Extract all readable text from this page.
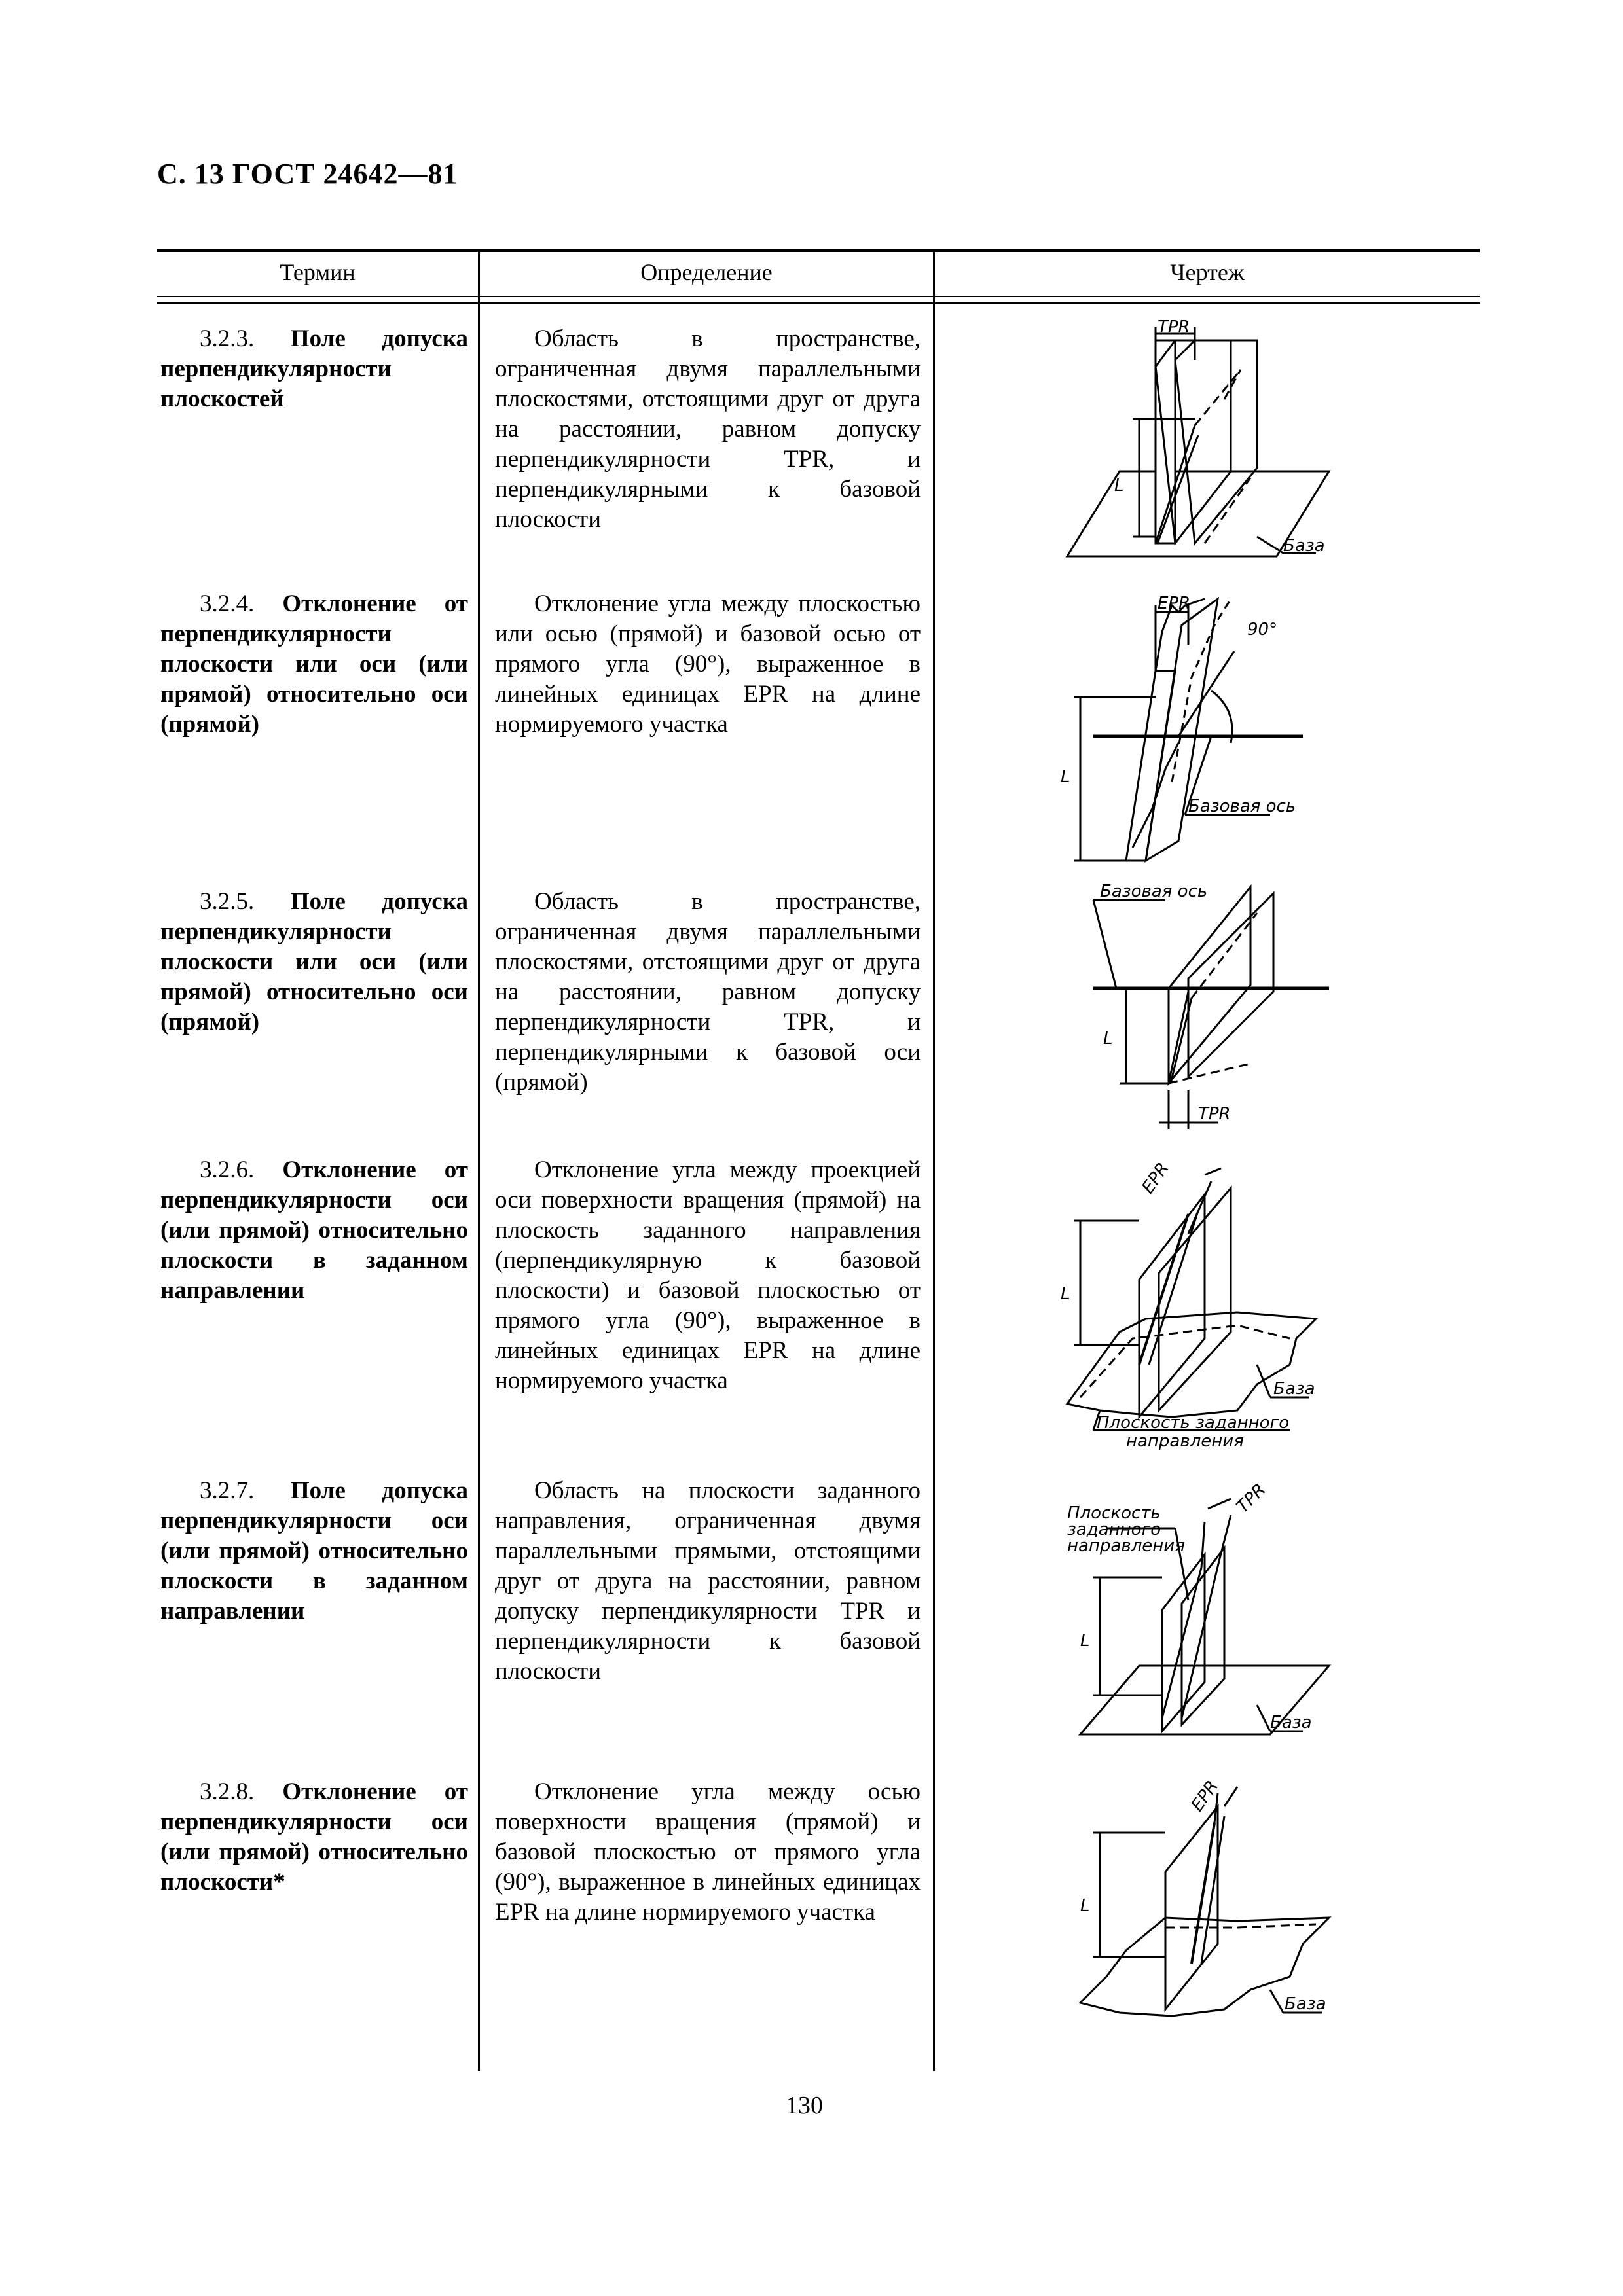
С. 13 ГОСТ 24642—81
Термин	Определение	Чертеж
3.2.3. Поле допуска перпендикулярности плоскостей
Область в пространстве, ограниченная двумя параллельными плоскостями, отстоящими друг от друга на расстоянии, равном допуску перпендикулярности TPR, и перпендикулярными к базовой плоскости
TPR
L
База
3.2.4. Отклонение от перпендикулярности плоскости или оси (или прямой) относительно оси (прямой)
Отклонение угла между плоскостью или осью (прямой) и базовой осью от прямого угла (90°), выраженное в линейных единицах EPR на длине нормируемого участка
EPR
90°
L
Базовая ось
3.2.5. Поле допуска перпендикулярности плоскости или оси (или прямой) относительно оси (прямой)
Область в пространстве, ограниченная двумя параллельными плоскостями, отстоящими друг от друга на расстоянии, равном допуску перпендикулярности TPR, и перпендикулярными к базовой оси (прямой)
Базовая ось
L
TPR
3.2.6. Отклонение от перпендикулярности оси (или прямой) относительно плоскости в заданном направлении
Отклонение угла между проекцией оси поверхности вращения (прямой) на плоскость заданного направления (перпендикулярную к базовой плоскости) и базовой плоскостью от прямого угла (90°), выраженное в линейных единицах EPR на длине нормируемого участка
EPR
L
База
Плоскость заданного
направления
3.2.7. Поле допуска перпендикулярности оси (или прямой) относительно плоскости в заданном направлении
Область на плоскости заданного направления, ограниченная двумя параллельными прямыми, отстоящими друг от друга на расстоянии, равном допуску перпендикулярности TPR и перпендикулярности к базовой плоскости
Плоскость
заданного
направления
TPR
L
База
3.2.8. Отклонение от перпендикулярности оси (или прямой) относительно плоскости*
Отклонение угла между осью поверхности вращения (прямой) и базовой плоскостью от прямого угла (90°), выраженное в линейных единицах EPR на длине нормируемого участка
EPR
L
База
130
